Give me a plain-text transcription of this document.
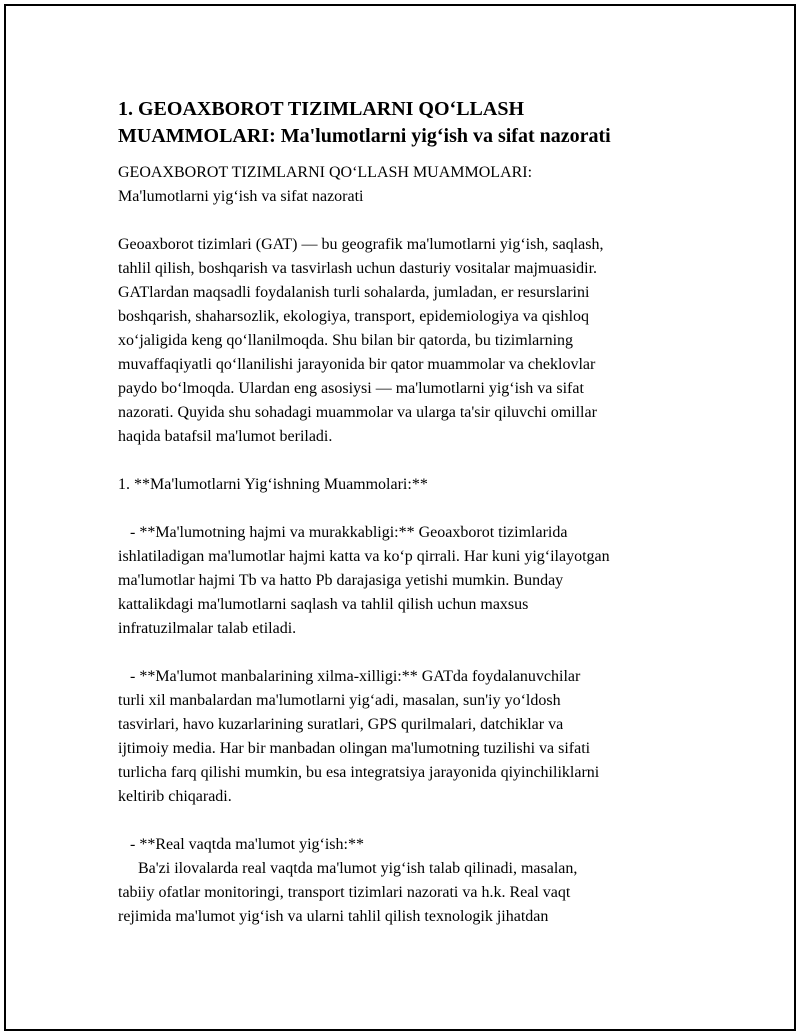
1. GEOAXBOROT TIZIMLARNI QO‘LLASH
MUAMMOLARI: Ma'lumotlarni yig‘ish va sifat nazorati
GEOAXBOROT TIZIMLARNI QO‘LLASH MUAMMOLARI:
Ma'lumotlarni yig‘ish va sifat nazorati
Geoaxborot tizimlari (GAT) — bu geografik ma'lumotlarni yig‘ish, saqlash,
tahlil qilish, boshqarish va tasvirlash uchun dasturiy vositalar majmuasidir.
GATlardan maqsadli foydalanish turli sohalarda, jumladan, er resurslarini
boshqarish, shaharsozlik, ekologiya, transport, epidemiologiya va qishloq
xo‘jaligida keng qo‘llanilmoqda. Shu bilan bir qatorda, bu tizimlarning
muvaffaqiyatli qo‘llanilishi jarayonida bir qator muammolar va cheklovlar
paydo bo‘lmoqda. Ulardan eng asosiysi — ma'lumotlarni yig‘ish va sifat
nazorati. Quyida shu sohadagi muammolar va ularga ta'sir qiluvchi omillar
haqida batafsil ma'lumot beriladi.
1. **Ma'lumotlarni Yig‘ishning Muammolari:**
- **Ma'lumotning hajmi va murakkabligi:** Geoaxborot tizimlarida
ishlatiladigan ma'lumotlar hajmi katta va ko‘p qirrali. Har kuni yig‘ilayotgan
ma'lumotlar hajmi Tb va hatto Pb darajasiga yetishi mumkin. Bunday
kattalikdagi ma'lumotlarni saqlash va tahlil qilish uchun maxsus
infratuzilmalar talab etiladi.
- **Ma'lumot manbalarining xilma-xilligi:** GATda foydalanuvchilar
turli xil manbalardan ma'lumotlarni yig‘adi, masalan, sun'iy yo‘ldosh
tasvirlari, havo kuzarlarining suratlari, GPS qurilmalari, datchiklar va
ijtimoiy media. Har bir manbadan olingan ma'lumotning tuzilishi va sifati
turlicha farq qilishi mumkin, bu esa integratsiya jarayonida qiyinchiliklarni
keltirib chiqaradi.
- **Real vaqtda ma'lumot yig‘ish:**
Ba'zi ilovalarda real vaqtda ma'lumot yig‘ish talab qilinadi, masalan,
tabiiy ofatlar monitoringi, transport tizimlari nazorati va h.k. Real vaqt
rejimida ma'lumot yig‘ish va ularni tahlil qilish texnologik jihatdan
